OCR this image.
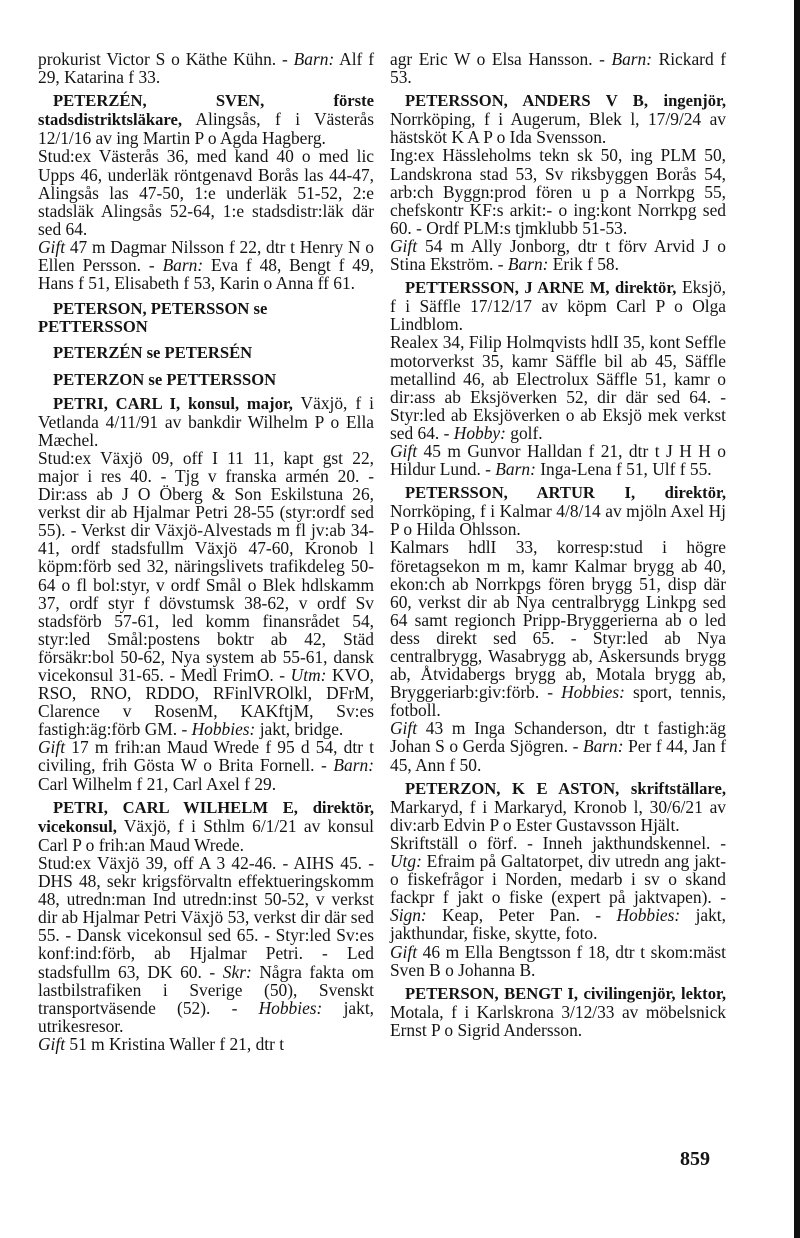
prokurist Victor S o Käthe Kühn. - Barn: Alf f 29, Katarina f 33.

PETERZÉN, SVEN, förste stadsdistriktsläkare, Alingsås, f i Västerås 12/1/16 av ing Martin P o Agda Hagberg.

Stud:ex Västerås 36, med kand 40 o med lic Upps 46, underläk röntgenavd Borås las 44-47, Alingsås las 47-50, 1:e underläk 51-52, 2:e stadsläk Alingsås 52-64, 1:e stadsdistr:läk där sed 64.

Gift 47 m Dagmar Nilsson f 22, dtr t Henry N o Ellen Persson. - Barn: Eva f 48, Bengt f 49, Hans f 51, Elisabeth f 53, Karin o Anna ff 61.

PETERSON, PETERSSON se PETTERSSON

PETERZÉN se PETERSÉN

PETERZON se PETTERSSON

PETRI, CARL I, konsul, major, Växjö, f i Vetlanda 4/11/91 av bankdir Wilhelm P o Ella Mæchel.

Stud:ex Växjö 09, off I 11 11, kapt gst 22, major i res 40. - Tjg v franska armén 20. - Dir:ass ab J O Öberg & Son Eskilstuna 26, verkst dir ab Hjalmar Petri 28-55 (styr:ordf sed 55). - Verkst dir Växjö-Alvestads m fl jv:ab 34-41, ordf stadsfullm Växjö 47-60, Kronob l köpm:förb sed 32, näringslivets trafikdeleg 50-64 o fl bol:styr, v ordf Smål o Blek hdlskamm 37, ordf styr f dövstumsk 38-62, v ordf Sv stadsförb 57-61, led komm finansrådet 54, styr:led Smål:postens boktr ab 42, Städ försäkr:bol 50-62, Nya system ab 55-61, dansk vicekonsul 31-65. - Medl FrimO. - Utm: KVO, RSO, RNO, RDDO, RFinlVROlkl, DFrM, Clarence v RosenM, KAKftjM, Sv:es fastigh:äg:förb GM. - Hobbies: jakt, bridge.

Gift 17 m frih:an Maud Wrede f 95 d 54, dtr t civiling, frih Gösta W o Brita Fornell. - Barn: Carl Wilhelm f 21, Carl Axel f 29.

PETRI, CARL WILHELM E, direktör, vicekonsul, Växjö, f i Sthlm 6/1/21 av konsul Carl P o frih:an Maud Wrede.

Stud:ex Växjö 39, off A 3 42-46. - AIHS 45. - DHS 48, sekr krigsförvaltn effektueringskomm 48, utredn:man Ind utredn:inst 50-52, v verkst dir ab Hjalmar Petri Växjö 53, verkst dir där sed 55. - Dansk vicekonsul sed 65. - Styr:led Sv:es konf:ind:förb, ab Hjalmar Petri. - Led stadsfullm 63, DK 60. - Skr: Några fakta om lastbilstrafiken i Sverige (50), Svenskt transportväsende (52). - Hobbies: jakt, utrikesresor.

Gift 51 m Kristina Waller f 21, dtr t

agr Eric W o Elsa Hansson. - Barn: Rickard f 53.

PETERSSON, ANDERS V B, ingenjör, Norrköping, f i Augerum, Blek l, 17/9/24 av hästsköt K A P o Ida Svensson.

Ing:ex Hässleholms tekn sk 50, ing PLM 50, Landskrona stad 53, Sv riksbyggen Borås 54, arb:ch Byggn:prod fören u p a Norrkpg 55, chefskontr KF:s arkit:- o ing:kont Norrkpg sed 60. - Ordf PLM:s tjmklubb 51-53.

Gift 54 m Ally Jonborg, dtr t förv Arvid J o Stina Ekström. - Barn: Erik f 58.

PETTERSSON, J ARNE M, direktör, Eksjö, f i Säffle 17/12/17 av köpm Carl P o Olga Lindblom.

Realex 34, Filip Holmqvists hdlI 35, kont Seffle motorverkst 35, kamr Säffle bil ab 45, Säffle metallind 46, ab Electrolux Säffle 51, kamr o dir:ass ab Eksjöverken 52, dir där sed 64. - Styr:led ab Eksjöverken o ab Eksjö mek verkst sed 64. - Hobby: golf.

Gift 45 m Gunvor Halldan f 21, dtr t J H H o Hildur Lund. - Barn: Inga-Lena f 51, Ulf f 55.

PETERSSON, ARTUR I, direktör, Norrköping, f i Kalmar 4/8/14 av mjöln Axel Hj P o Hilda Ohlsson.

Kalmars hdlI 33, korresp:stud i högre företagsekon m m, kamr Kalmar brygg ab 40, ekon:ch ab Norrkpgs fören brygg 51, disp där 60, verkst dir ab Nya centralbrygg Linkpg sed 64 samt regionch Pripp-Bryggerierna ab o led dess direkt sed 65. - Styr:led ab Nya centralbrygg, Wasabrygg ab, Askersunds brygg ab, Åtvidabergs brygg ab, Motala brygg ab, Bryggeriarb:giv:förb. - Hobbies: sport, tennis, fotboll.

Gift 43 m Inga Schanderson, dtr t fastigh:äg Johan S o Gerda Sjögren. - Barn: Per f 44, Jan f 45, Ann f 50.

PETERZON, K E ASTON, skriftställare, Markaryd, f i Markaryd, Kronob l, 30/6/21 av div:arb Edvin P o Ester Gustavsson Hjält.

Skriftställ o förf. - Inneh jakthundskennel. - Utg: Efraim på Galtatorpet, div utredn ang jakt- o fiskefrågor i Norden, medarb i sv o skand fackpr f jakt o fiske (expert på jaktvapen). - Sign: Keap, Peter Pan. - Hobbies: jakt, jakthundar, fiske, skytte, foto.

Gift 46 m Ella Bengtsson f 18, dtr t skom:mäst Sven B o Johanna B.

PETERSON, BENGT I, civilingenjör, lektor, Motala, f i Karlskrona 3/12/33 av möbelsnick Ernst P o Sigrid Andersson.

859
